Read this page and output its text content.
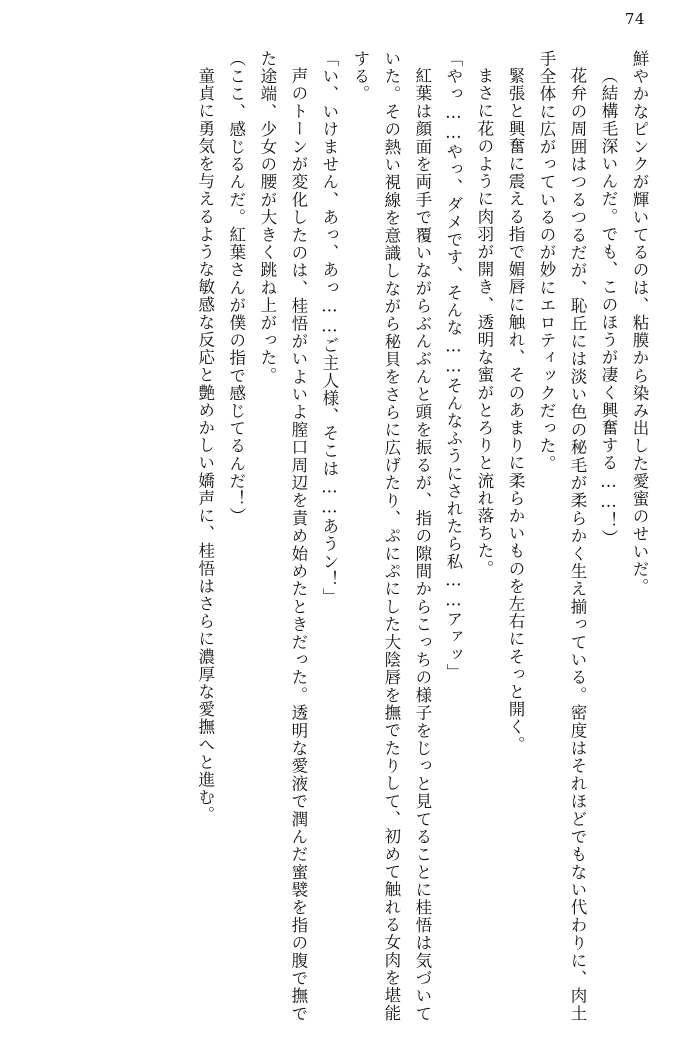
74

鮮やかなピンクが輝いてるのは、粘膜から染み出した愛蜜のせいだ。

（結構毛深いんだ。でも、このほうが凄く興奮する……！）

花弁の周囲はつるつるだが、恥丘には淡い色の秘毛が柔らかく生え揃っている。密度はそれほどでもない代わりに、肉土手全体に広がっているのが妙にエロティックだった。

緊張と興奮に震える指で媚唇に触れ、そのあまりに柔らかいものを左右にそっと開く。

まさに花のように肉羽が開き、透明な蜜がとろりと流れ落ちた。

「やっ……やっ、ダメです、そんな……そんなふうにされたら私……アァッ」

紅葉は顔面を両手で覆いながらぶんぶんと頭を振るが、指の隙間からこっちの様子をじっと見てることに桂悟は気づいていた。その熱い視線を意識しながら秘貝をさらに広げたり、ぷにぷにした大陰唇を撫でたりして、初めて触れる女肉を堪能する。

「い、いけません、あっ、あっ……ご主人様、そこは……あうン！」

声のトーンが変化したのは、桂悟がいよいよ膣口周辺を責め始めたときだった。透明な愛液で潤んだ蜜襞を指の腹で撫でた途端、少女の腰が大きく跳ね上がった。

（ここ、感じるんだ。紅葉さんが僕の指で感じてるんだ！）

童貞に勇気を与えるような敏感な反応と艶めかしい嬌声に、桂悟はさらに濃厚な愛撫へと進む。
